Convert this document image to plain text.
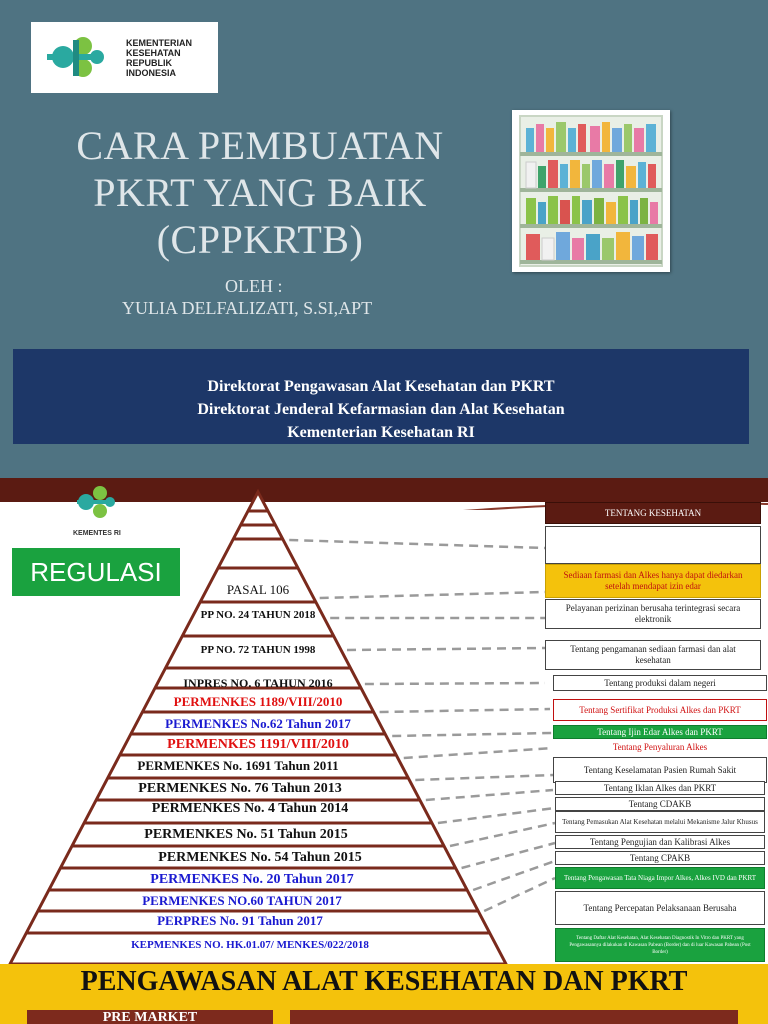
KEMENTERIAN
KESEHATAN
REPUBLIK
INDONESIA
CARA PEMBUATAN
PKRT YANG BAIK
(CPPKRTB)
OLEH :
YULIA DELFALIZATI, S.SI,APT
Direktorat Pengawasan Alat Kesehatan dan PKRT
Direktorat Jenderal Kefarmasian dan Alat Kesehatan
Kementerian Kesehatan RI
KEMENTES RI
REGULASI
PASAL 106
PP NO. 24 TAHUN 2018
PP NO. 72 TAHUN 1998
INPRES NO. 6 TAHUN 2016
PERMENKES 1189/VIII/2010
PERMENKES No.62 Tahun 2017
PERMENKES 1191/VIII/2010
PERMENKES No. 1691 Tahun 2011
PERMENKES No. 76 Tahun 2013
PERMENKES No. 4 Tahun 2014
PERMENKES No. 51 Tahun 2015
PERMENKES No. 54 Tahun 2015
PERMENKES No. 20 Tahun 2017
PERMENKES NO.60 TAHUN 2017
PERPRES No. 91 Tahun 2017
KEPMENKES NO. HK.01.07/ MENKES/022/2018
TENTANG KESEHATAN
Sediaan farmasi dan Alkes hanya dapat diedarkan setelah mendapat izin edar
Pelayanan perizinan berusaha terintegrasi secara elektronik
Tentang pengamanan sediaan farmasi dan alat kesehatan
Tentang produksi dalam negeri
Tentang Sertifikat Produksi Alkes dan PKRT
Tentang Ijin Edar Alkes dan PKRT
Tentang Penyaluran Alkes
Tentang Keselamatan Pasien Rumah Sakit
Tentang Iklan Alkes dan PKRT
Tentang CDAKB
Tentang Pemasukan Alat Kesehatan melalui Mekanisme Jalur Khusus
Tentang Pengujian dan Kalibrasi Alkes
Tentang CPAKB
Tentang Pengawasan Tata Niaga Impor Alkes, Alkes IVD dan PKRT
Tentang Percepatan Pelaksanaan Berusaha
Tentang Daftar Alat Kesehatan, Alat Kesehatan Diagnostik In Vitro dan PKRT yang Pengawasannya dilakukan di Kawasan Pabean (Border) dan di luar Kawasan Pabean (Post Border)
PENGAWASAN ALAT KESEHATAN DAN PKRT
PRE MARKET
